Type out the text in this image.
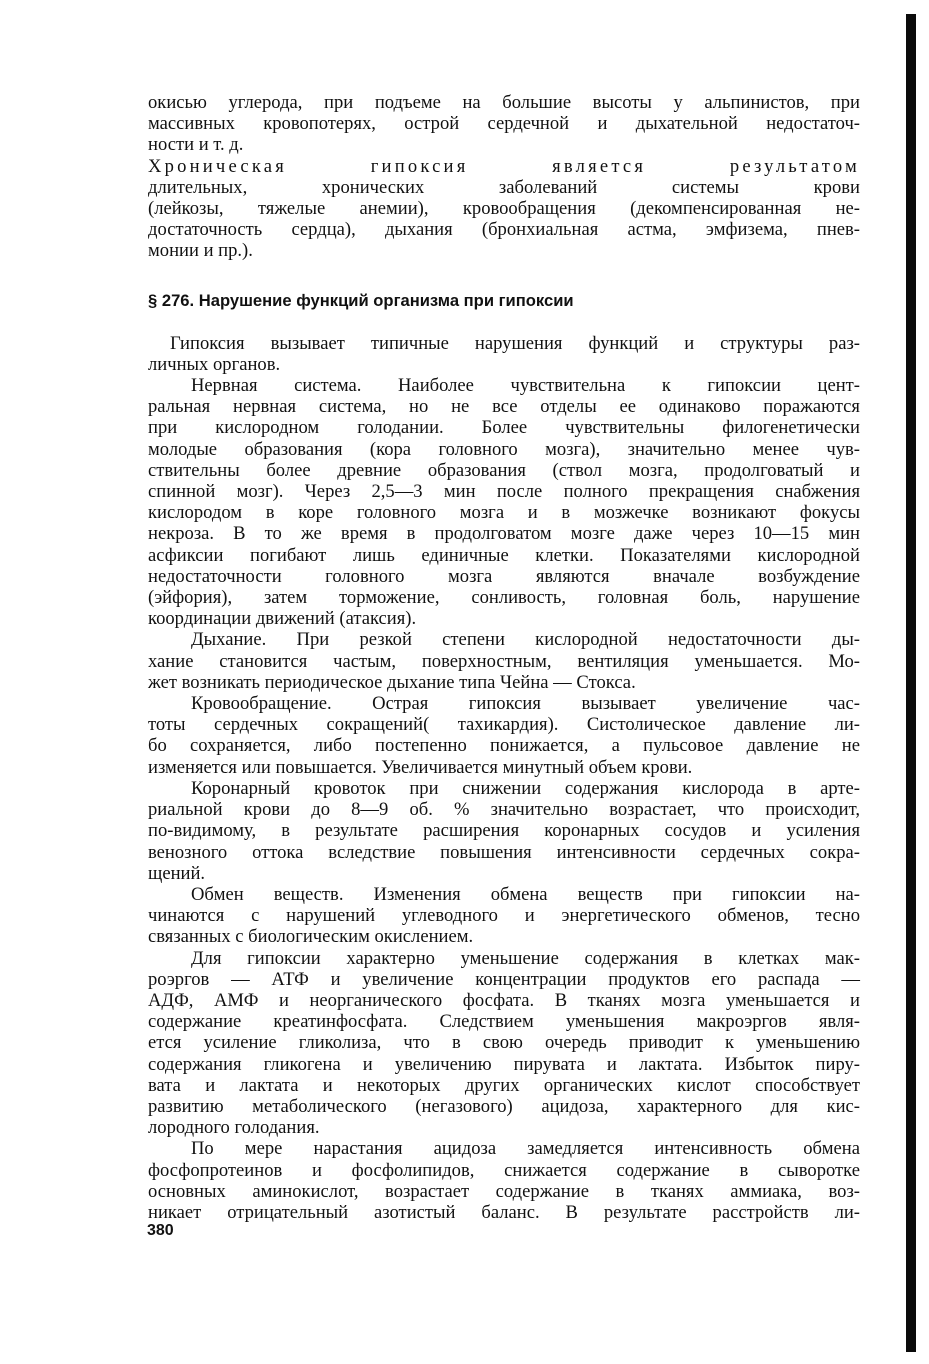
окисью углерода, при подъеме на большие высоты у альпинистов, при
массивных кровопотерях, острой сердечной и дыхательной недостаточ-
ности и т. д.
Хроническая гипоксия является результатом
длительных, хронических заболеваний системы крови
(лейкозы, тяжелые анемии), кровообращения (декомпенсированная не-
достаточность сердца), дыхания (бронхиальная астма, эмфизема, пнев-
монии и пр.).
§ 276. Нарушение функций организма при гипоксии
Гипоксия вызывает типичные нарушения функций и структуры раз-
личных органов.
Нервная система. Наиболее чувствительна к гипоксии цент-
ральная нервная система, но не все отделы ее одинаково поражаются
при кислородном голодании. Более чувствительны филогенетически
молодые образования (кора головного мозга), значительно менее чув-
ствительны более древние образования (ствол мозга, продолговатый и
спинной мозг). Через 2,5—3 мин после полного прекращения снабжения
кислородом в коре головного мозга и в мозжечке возникают фокусы
некроза. В то же время в продолговатом мозге даже через 10—15 мин
асфиксии погибают лишь единичные клетки. Показателями кислородной
недостаточности головного мозга являются вначале возбуждение
(эйфория), затем торможение, сонливость, головная боль, нарушение
координации движений (атаксия).
Дыхание. При резкой степени кислородной недостаточности ды-
хание становится частым, поверхностным, вентиляция уменьшается. Мо-
жет возникать периодическое дыхание типа Чейна — Стокса.
Кровообращение. Острая гипоксия вызывает увеличение час-
тоты сердечных сокращений( тахикардия). Систолическое давление ли-
бо сохраняется, либо постепенно понижается, а пульсовое давление не
изменяется или повышается. Увеличивается минутный объем крови.
Коронарный кровоток при снижении содержания кислорода в арте-
риальной крови до 8—9 об. % значительно возрастает, что происходит,
по-видимому, в результате расширения коронарных сосудов и усиления
венозного оттока вследствие повышения интенсивности сердечных сокра-
щений.
Обмен веществ. Изменения обмена веществ при гипоксии на-
чинаются с нарушений углеводного и энергетического обменов, тесно
связанных с биологическим окислением.
Для гипоксии характерно уменьшение содержания в клетках мак-
роэргов — АТФ и увеличение концентрации продуктов его распада —
АДФ, АМФ и неорганического фосфата. В тканях мозга уменьшается и
содержание креатинфосфата. Следствием уменьшения макроэргов явля-
ется усиление гликолиза, что в свою очередь приводит к уменьшению
содержания гликогена и увеличению пирувата и лактата. Избыток пиру-
вата и лактата и некоторых других органических кислот способствует
развитию метаболического (негазового) ацидоза, характерного для кис-
лородного голодания.
По мере нарастания ацидоза замедляется интенсивность обмена
фосфопротеинов и фосфолипидов, снижается содержание в сыворотке
основных аминокислот, возрастает содержание в тканях аммиака, воз-
никает отрицательный азотистый баланс. В результате расстройств ли-
380
